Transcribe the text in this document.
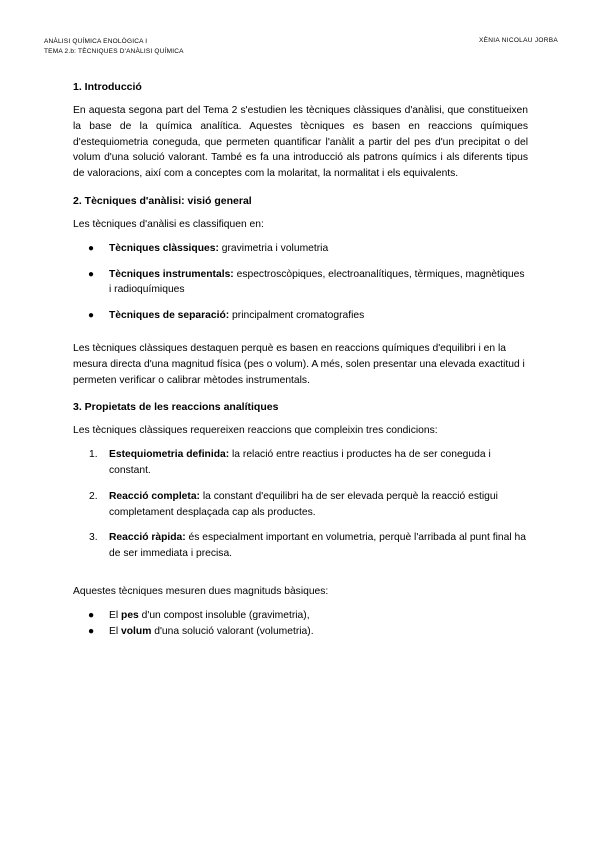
ANÀLISI QUÍMICA ENOLÒGICA I
TEMA 2.b: TÈCNIQUES D'ANÀLISI QUÍMICA
XÈNIA NICOLAU JORBA
1. Introducció

En aquesta segona part del Tema 2 s'estudien les tècniques clàssiques d'anàlisi, que constitueixen la base de la química analítica. Aquestes tècniques es basen en reaccions químiques d'estequiometria coneguda, que permeten quantificar l'anàlit a partir del pes d'un precipitat o del volum d'una solució valorant. També es fa una introducció als patrons químics i als diferents tipus de valoracions, així com a conceptes com la molaritat, la normalitat i els equivalents.

2. Tècniques d'anàlisi: visió general

Les tècniques d'anàlisi es classifiquen en:

● Tècniques clàssiques: gravimetria i volumetria
● Tècniques instrumentals: espectroscòpiques, electroanalítiques, tèrmiques, magnètiques i radioquímiques
● Tècniques de separació: principalment cromatografies

Les tècniques clàssiques destaquen perquè es basen en reaccions químiques d'equilibri i en la mesura directa d'una magnitud física (pes o volum). A més, solen presentar una elevada exactitud i permeten verificar o calibrar mètodes instrumentals.

3. Propietats de les reaccions analítiques

Les tècniques clàssiques requereixen reaccions que compleixin tres condicions:

1. Estequiometria definida: la relació entre reactius i productes ha de ser coneguda i constant.
2. Reacció completa: la constant d'equilibri ha de ser elevada perquè la reacció estigui completament desplaçada cap als productes.
3. Reacció ràpida: és especialment important en volumetria, perquè l'arribada al punt final ha de ser immediata i precisa.

Aquestes tècniques mesuren dues magnituds bàsiques:

● El pes d'un compost insoluble (gravimetria),
● El volum d'una solució valorant (volumetria).
